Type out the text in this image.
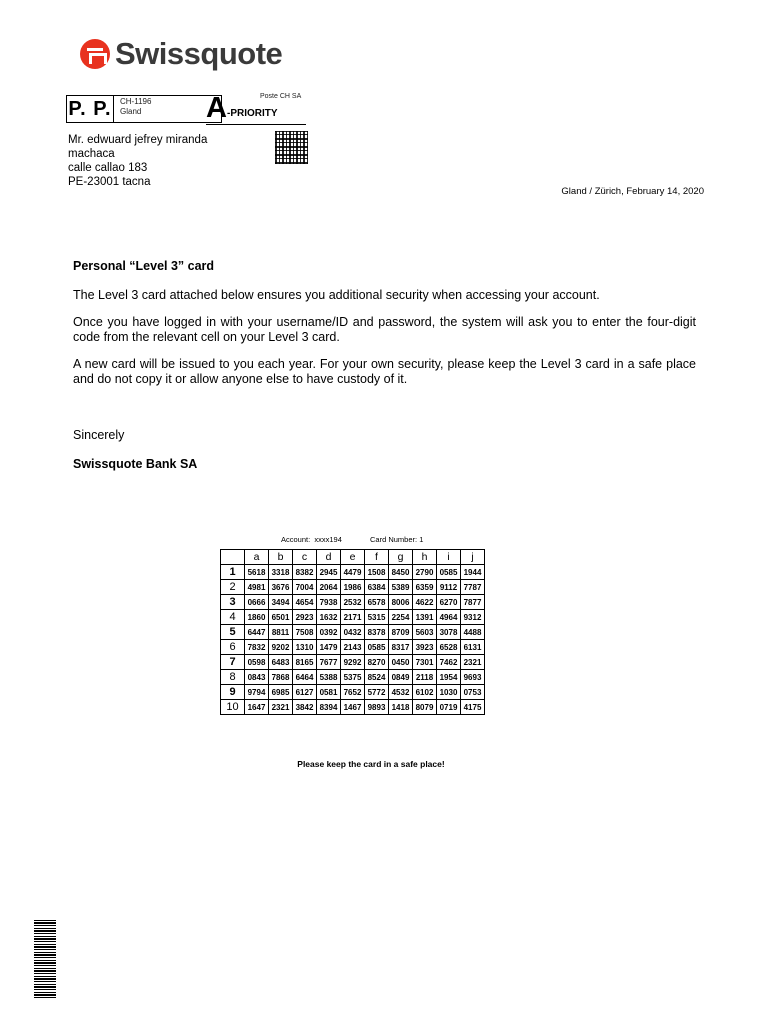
Swissquote
P. P.	CH-1196
Gland	A -PRIORITY
Poste CH SA
Mr. edwuard jefrey miranda
machaca
calle callao 183
PE-23001 tacna
Gland / Zürich, February 14, 2020
Personal “Level 3” card

The Level 3 card attached below ensures you additional security when accessing your account.

Once you have logged in with your username/ID and password, the system will ask you to enter the four-digit code from the relevant cell on your Level 3 card.

A new card will be issued to you each year. For your own security, please keep the Level 3 card in a safe place and do not copy it or allow anyone else to have custody of it.

Sincerely
Swissquote Bank SA
Account: xxxx194	Card Number: 1
	a	b	c	d	e	f	g	h	i	j
1	5618	3318	8382	2945	4479	1508	8450	2790	0585	1944
2	4981	3676	7004	2064	1986	6384	5389	6359	9112	7787
3	0666	3494	4654	7938	2532	6578	8006	4622	6270	7877
4	1860	6501	2923	1632	2171	5315	2254	1391	4964	9312
5	6447	8811	7508	0392	0432	8378	8709	5603	3078	4488
6	7832	9202	1310	1479	2143	0585	8317	3923	6528	6131
7	0598	6483	8165	7677	9292	8270	0450	7301	7462	2321
8	0843	7868	6464	5388	5375	8524	0849	2118	1954	9693
9	9794	6985	6127	0581	7652	5772	4532	6102	1030	0753
10	1647	2321	3842	8394	1467	9893	1418	8079	0719	4175
Please keep the card in a safe place!
